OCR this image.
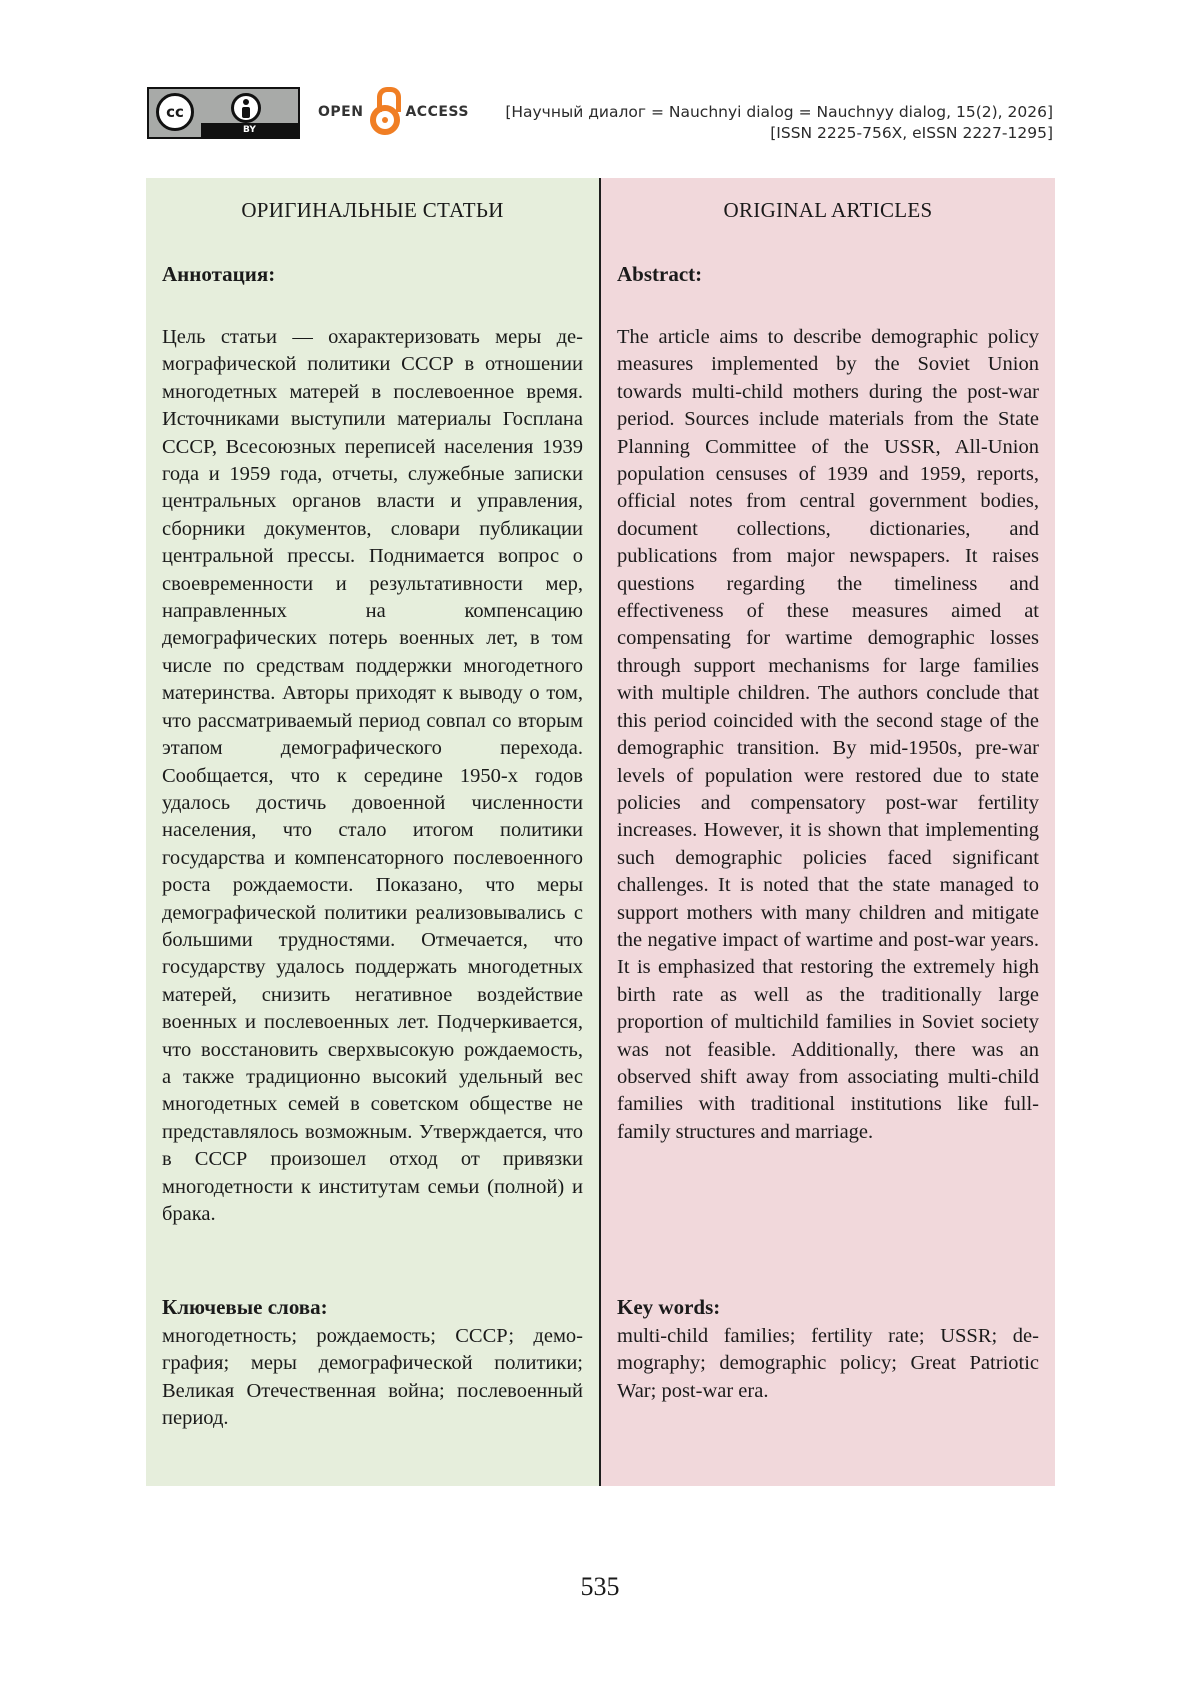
cc
BY
OPEN	ACCESS [Научный диалог = Nauchnyi dialog = Nauchnyy dialog, 15(2), 2026]
[ISSN 2225-756X, eISSN 2227-1295]
ОРИГИНАЛЬНЫЕ СТАТЬИ
Аннотация:
Цель статьи — охарактеризовать меры демографической политики СССР в отношении многодетных матерей в послевоенное время. Источниками выступили материалы Госплана СССР, Всесоюзных переписей населения 1939 года и 1959 года, отчеты, служебные записки центральных органов власти и управления, сборники документов, словари публикации центральной прессы. Поднимается вопрос о своевременности и результативности мер, направленных на компенсацию демографических потерь военных лет, в том числе по средствам поддержки многодетного материнства. Авторы приходят к выводу о том, что рассматриваемый период совпал со вторым этапом демографического перехода. Сообщается, что к середине 1950-х годов удалось достичь довоенной численности населения, что стало итогом политики государства и компенсаторного послевоенного роста рождаемости. Показано, что меры демографической политики реализовывались с большими трудностями. Отмечается, что государству удалось поддержать многодетных матерей, снизить негативное воздействие военных и послевоенных лет. Подчеркивается, что восстановить сверхвысокую рождаемость, а также традиционно высокий удельный вес многодетных семей в советском обществе не представлялось возможным. Утверждается, что в СССР произошел отход от привязки многодетности к институтам семьи (полной) и брака.
Ключевые слова:
многодетность; рождаемость; СССР; демография; меры демографической политики; Великая Отечественная война; послевоенный период.
ORIGINAL ARTICLES
Abstract:
The article aims to describe demographic policy measures implemented by the Soviet Union towards multi-child mothers during the post-war period. Sources include materials from the State Planning Committee of the USSR, All-Union population censuses of 1939 and 1959, reports, official notes from central government bodies, document collections, dictionaries, and publications from major newspapers. It raises questions regarding the timeliness and effectiveness of these measures aimed at compensating for wartime demographic losses through support mechanisms for large families with multiple children. The authors conclude that this period coincided with the second stage of the demographic transition. By mid-1950s, pre-war levels of population were restored due to state policies and compensatory post-war fertility increases. However, it is shown that implementing such demographic policies faced significant challenges. It is noted that the state managed to support mothers with many children and mitigate the negative impact of wartime and post-war years. It is emphasized that restoring the extremely high birth rate as well as the traditionally large proportion of multichild families in Soviet society was not feasible. Additionally, there was an observed shift away from associating multi-child families with traditional institutions like full-family structures and marriage.
Key words:
multi-child families; fertility rate; USSR; demography; demographic policy; Great Patriotic War; post-war era.
535
